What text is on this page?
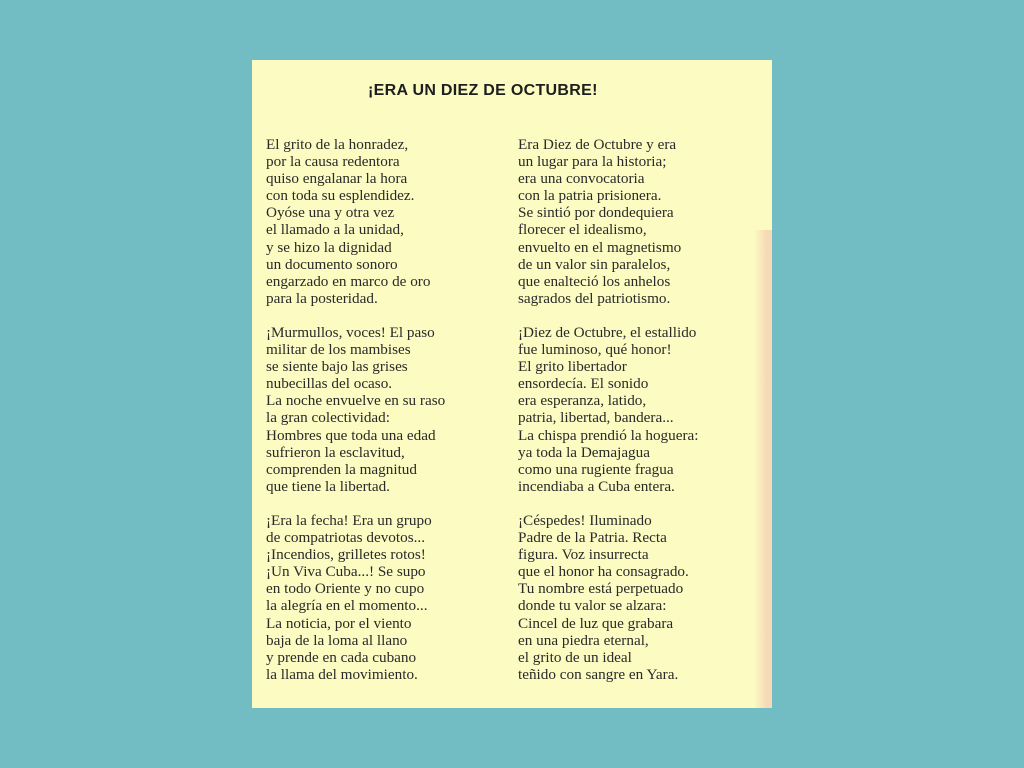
¡ERA UN DIEZ DE OCTUBRE!
El grito de la honradez,
por la causa redentora
quiso engalanar la hora
con toda su esplendidez.
Oyóse una y otra vez
el llamado a la unidad,
y se hizo la dignidad
un documento sonoro
engarzado en marco de oro
para la posteridad.
¡Murmullos, voces! El paso
militar de los mambises
se siente bajo las grises
nubecillas del ocaso.
La noche envuelve en su raso
la gran colectividad:
Hombres que toda una edad
sufrieron la esclavitud,
comprenden la magnitud
que tiene la libertad.
¡Era la fecha! Era un grupo
de compatriotas devotos...
¡Incendios, grilletes rotos!
¡Un Viva Cuba...! Se supo
en todo Oriente y no cupo
la alegría en el momento...
La noticia, por el viento
baja de la loma al llano
y prende en cada cubano
la llama del movimiento.
Era Diez de Octubre y era
un lugar para la historia;
era una convocatoria
con la patria prisionera.
Se sintió por dondequiera
florecer el idealismo,
envuelto en el magnetismo
de un valor sin paralelos,
que enalteció los anhelos
sagrados del patriotismo.
¡Diez de Octubre, el estallido
fue luminoso, qué honor!
El grito libertador
ensordecía. El sonido
era esperanza, latido,
patria, libertad, bandera...
La chispa prendió la hoguera:
ya toda la Demajagua
como una rugiente fragua
incendiaba a Cuba entera.
¡Céspedes! Iluminado
Padre de la Patria. Recta
figura. Voz insurrecta
que el honor ha consagrado.
Tu nombre está perpetuado
donde tu valor se alzara:
Cincel de luz que grabara
en una piedra eternal,
el grito de un ideal
teñido con sangre en Yara.
